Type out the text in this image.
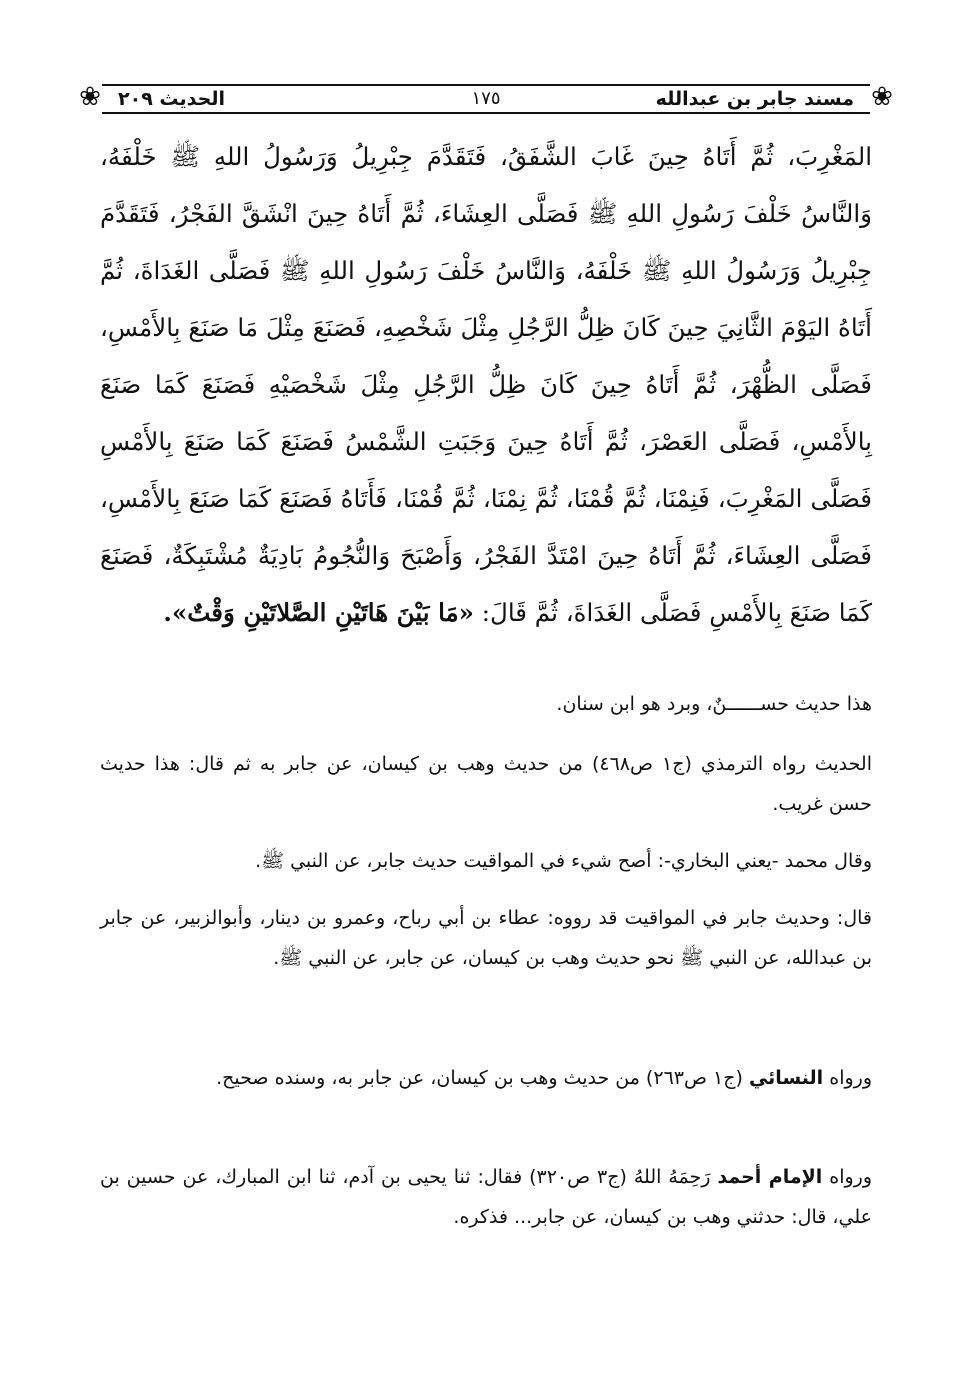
❀	❀
مسند جابر بن عبدالله
١٧٥
الحديث ٢٠٩

المَغْرِبَ، ثُمَّ أَتَاهُ حِينَ غَابَ الشَّفَقُ، فَتَقَدَّمَ جِبْرِيلُ وَرَسُولُ اللهِ ﷺ خَلْفَهُ، وَالنَّاسُ خَلْفَ رَسُولِ اللهِ ﷺ فَصَلَّى العِشَاءَ، ثُمَّ أَتَاهُ حِينَ انْشَقَّ الفَجْرُ، فَتَقَدَّمَ جِبْرِيلُ وَرَسُولُ اللهِ ﷺ خَلْفَهُ، وَالنَّاسُ خَلْفَ رَسُولِ اللهِ ﷺ فَصَلَّى الغَدَاةَ، ثُمَّ أَتَاهُ اليَوْمَ الثَّانِيَ حِينَ كَانَ ظِلُّ الرَّجُلِ مِثْلَ شَخْصِهِ، فَصَنَعَ مِثْلَ مَا صَنَعَ بِالأَمْسِ، فَصَلَّى الظُّهْرَ، ثُمَّ أَتَاهُ حِينَ كَانَ ظِلُّ الرَّجُلِ مِثْلَ شَخْصَيْهِ فَصَنَعَ كَمَا صَنَعَ بِالأَمْسِ، فَصَلَّى العَصْرَ، ثُمَّ أَتَاهُ حِينَ وَجَبَتِ الشَّمْسُ فَصَنَعَ كَمَا صَنَعَ بِالأَمْسِ فَصَلَّى المَغْرِبَ، فَنِمْنَا، ثُمَّ قُمْنَا، ثُمَّ نِمْنَا، ثُمَّ قُمْنَا، فَأَتَاهُ فَصَنَعَ كَمَا صَنَعَ بِالأَمْسِ، فَصَلَّى العِشَاءَ، ثُمَّ أَتَاهُ حِينَ امْتَدَّ الفَجْرُ، وَأَصْبَحَ وَالنُّجُومُ بَادِيَةٌ مُشْتَبِكَةٌ، فَصَنَعَ كَمَا صَنَعَ بِالأَمْسِ فَصَلَّى الغَدَاةَ، ثُمَّ قَالَ: «مَا بَيْنَ هَاتَيْنِ الصَّلاتَيْنِ وَقْتٌ».

هذا حديث حســــــنٌ، وبرد هو ابن سنان.

الحديث رواه الترمذي (ج١ ص٤٦٨) من حديث وهب بن كيسان، عن جابر به ثم قال: هذا حديث حسن غريب.

وقال محمد -يعني البخاري-: أصح شيء في المواقيت حديث جابر، عن النبي ﷺ.

قال: وحديث جابر في المواقيت قد رووه: عطاء بن أبي رباح، وعمرو بن دينار، وأبوالزبير، عن جابر بن عبدالله، عن النبي ﷺ نحو حديث وهب بن كيسان، عن جابر، عن النبي ﷺ.

ورواه النسائي (ج١ ص٢٦٣) من حديث وهب بن كيسان، عن جابر به، وسنده صحيح.

ورواه الإمام أحمد رَحِمَهُ اللهُ (ج٣ ص٣٢٠) فقال: ثنا يحيى بن آدم، ثنا ابن المبارك، عن حسين بن علي، قال: حدثني وهب بن كيسان، عن جابر... فذكره.
